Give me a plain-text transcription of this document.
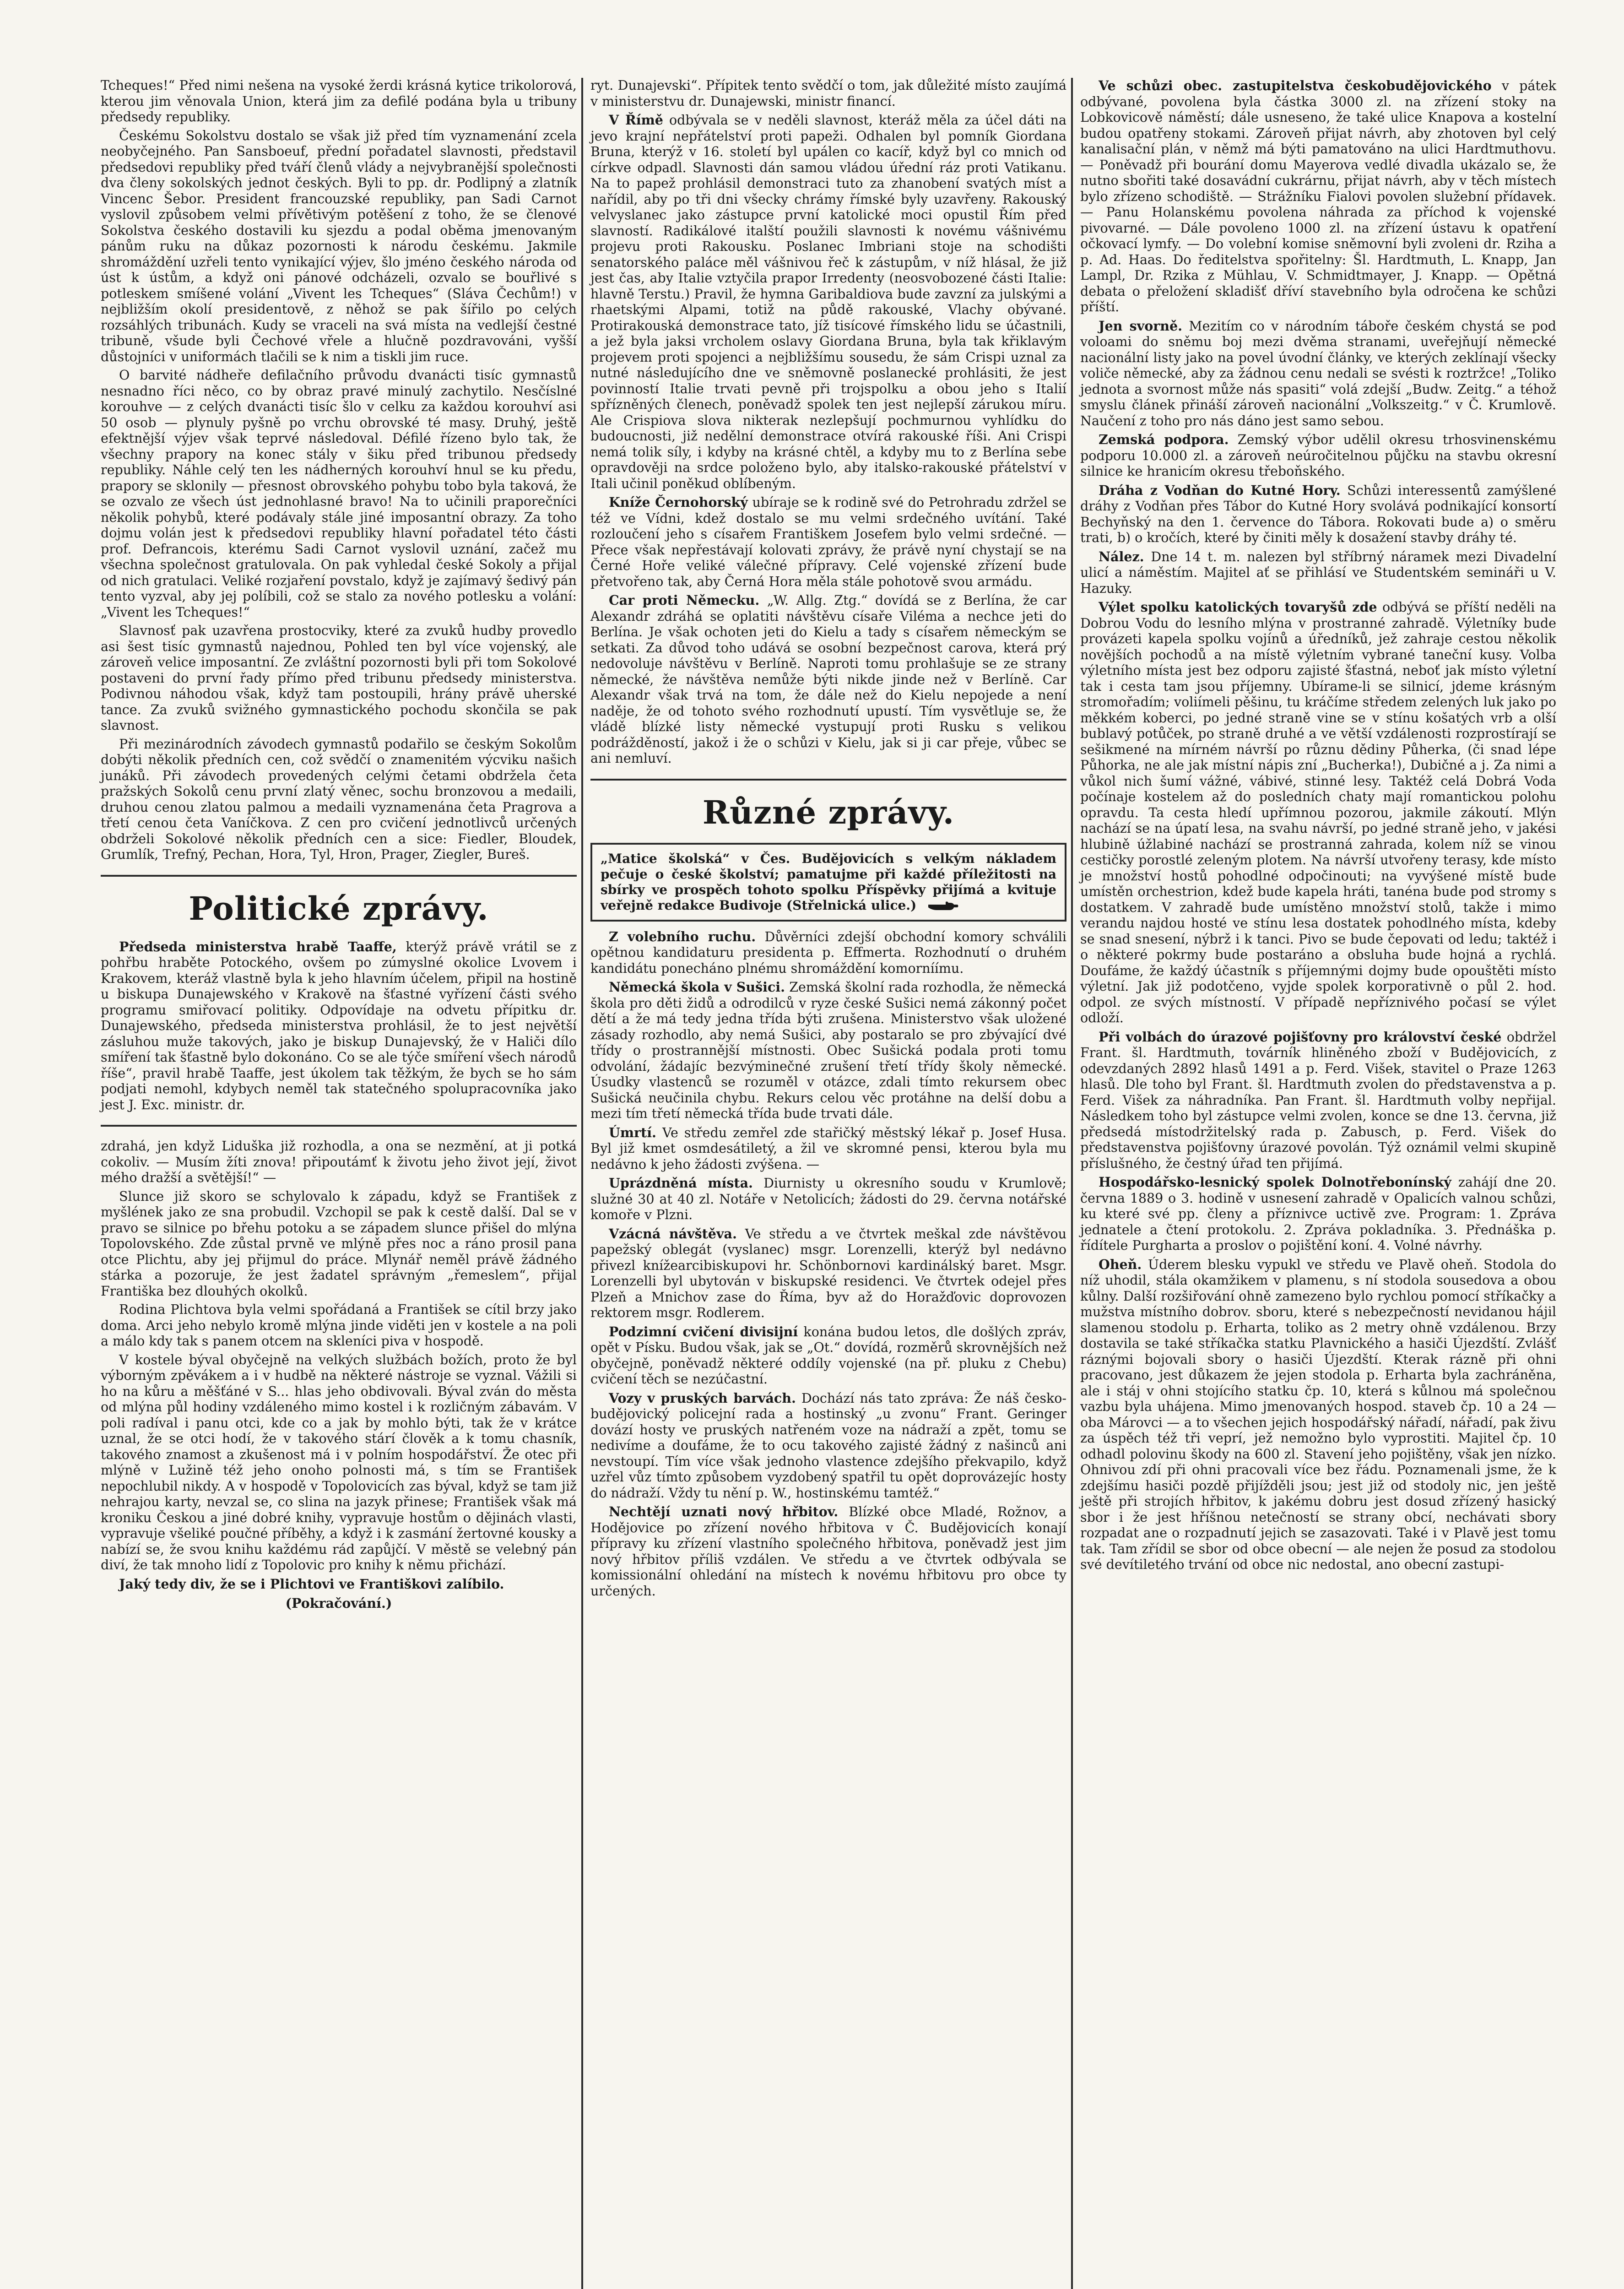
Tcheques!“ Před nimi nešena na vysoké žerdi krásná kytice trikolorová, kterou jim věnovala Union, která jim za defilé podána byla u tribuny předsedy republiky.

Českému Sokolstvu dostalo se však již před tím vyznamenání zcela neobyčejného. Pan Sansboeuf, přední pořadatel slavnosti, představil předsedovi republiky před tváří členů vlády a nejvybranější společnosti dva členy sokolských jednot českých. Byli to pp. dr. Podlipný a zlatník Vincenc Šebor. President francouzské republiky, pan Sadi Carnot vyslovil způsobem velmi přívětivým potěšení z toho, že se členové Sokolstva českého dostavili ku sjezdu a podal oběma jmenovaným pánům ruku na důkaz pozornosti k národu českému. Jakmile shromáždění uzřeli tento vynikající výjev, šlo jméno českého národa od úst k ústům, a když oni pánové odcházeli, ozvalo se bouřlivé s potleskem smíšené volání „Vivent les Tcheques“ (Sláva Čechům!) v nejbližším okolí presidentově, z něhož se pak šířilo po celých rozsáhlých tribunách. Kudy se vraceli na svá místa na vedlejší čestné tribuně, všude byli Čechové vřele a hlučně pozdravováni, vyšší důstojníci v uniformách tlačili se k nim a tiskli jim ruce.

O barvité nádheře defilačního průvodu dvanácti tisíc gymnastů nesnadno říci něco, co by obraz pravé minulý zachytilo. Nesčíslné korouhve — z celých dvanácti tisíc šlo v celku za každou korouhví asi 50 osob — plynuly pyšně po vrchu obrovské té masy. Druhý, ještě efektnější výjev však teprvé následoval. Défilé řízeno bylo tak, že všechny prapory na konec stály v šiku před tribunou předsedy republiky. Náhle celý ten les nádherných korouhví hnul se ku předu, prapory se sklonily — přesnost obrovského pohybu tobo byla taková, že se ozvalo ze všech úst jednohlasné bravo! Na to učinili praporečníci několik pohybů, které podávaly stále jiné imposantní obrazy. Za toho dojmu volán jest k předsedovi republiky hlavní pořadatel této části prof. Defrancois, kterému Sadi Carnot vyslovil uznání, začež mu všechna společnost gratulovala. On pak vyhledal české Sokoly a přijal od nich gratulaci. Veliké rozjaření povstalo, když je zajímavý šedivý pán tento vyzval, aby jej políbili, což se stalo za nového potlesku a volání: „Vivent les Tcheques!“

Slavnosť pak uzavřena prostocviky, které za zvuků hudby provedlo asi šest tisíc gymnastů najednou, Pohled ten byl více vojenský, ale zároveň velice imposantní. Ze zvláštní pozornosti byli při tom Sokolové postaveni do první řady přímo před tribunu předsedy ministerstva. Podivnou náhodou však, když tam postoupili, hrány právě uherské tance. Za zvuků svižného gymnastického pochodu skončila se pak slavnost.

Při mezinárodních závodech gymnastů podařilo se českým Sokolům dobýti několik předních cen, což svědčí o znamenitém výcviku našich junáků. Při závodech provedených celými četami obdržela četa pražských Sokolů cenu první zlatý věnec, sochu bronzovou a medaili, druhou cenou zlatou palmou a medaili vyznamenána četa Pragrova a třetí cenou četa Vaníčkova. Z cen pro cvičení jednotlivců určených obdrželi Sokolové několik předních cen a sice: Fiedler, Bloudek, Grumlík, Trefný, Pechan, Hora, Tyl, Hron, Prager, Ziegler, Bureš.

Politické zprávy.

Předseda ministerstva hrabě Taaffe, kterýž právě vrátil se z pohřbu hraběte Potockého, ovšem po zúmyslné okolice Lvovem i Krakovem, kteráž vlastně byla k jeho hlavním účelem, připil na hostině u biskupa Dunajewského v Krakově na šťastné vyřízení části svého programu smiřovací politiky. Odpovídaje na odvetu přípitku dr. Dunajewského, předseda ministerstva prohlásil, že to jest největší zásluhou muže takových, jako je biskup Dunajevský, že v Haliči dílo smíření tak šťastně bylo dokonáno. Co se ale týče smíření všech národů říše“, pravil hrabě Taaffe, jest úkolem tak těžkým, že bych se ho sám podjati nemohl, kdybych neměl tak statečného spolupracovníka jako jest J. Exc. ministr. dr.

zdrahá, jen když Liduška již rozhodla, a ona se nezmění, at ji potká cokoliv. — Musím žíti znova! připoutámť k životu jeho život její, život mého dražší a světější!“ —

Slunce již skoro se schylovalo k západu, když se František z myšlének jako ze sna probudil. Vzchopil se pak k cestě další. Dal se v pravo se silnice po břehu potoku a se západem slunce přišel do mlýna Topolovského. Zde zůstal prvně ve mlýně přes noc a ráno prosil pana otce Plichtu, aby jej přijmul do práce. Mlynář neměl právě žádného stárka a pozoruje, že jest žadatel správným „řemeslem“, přijal Františka bez dlouhých okolků.

Rodina Plichtova byla velmi spořádaná a František se cítil brzy jako doma. Arci jeho nebylo kromě mlýna jinde viděti jen v kostele a na poli a málo kdy tak s panem otcem na skleníci piva v hospodě.

V kostele býval obyčejně na velkých službách božích, proto že byl výborným zpěvákem a i v hudbě na některé nástroje se vyznal. Vážili si ho na kůru a měšťáné v S... hlas jeho obdivovali. Býval zván do města od mlýna půl hodiny vzdáleného mimo kostel i k rozličným zábavám. V poli radíval i panu otci, kde co a jak by mohlo býti, tak že v krátce uznal, že se otci hodí, že v takového stárí člověk a k tomu chasník, takového znamost a zkušenost má i v polním hospodářství. Že otec při mlýně v Lužině též jeho onoho polnosti má, s tím se František nepochlubil nikdy. A v hospodě v Topolovicích zas býval, když se tam již nehrajou karty, nevzal se, co slina na jazyk přinese; František však má kroniku Českou a jiné dobré knihy, vypravuje hostům o dějinách vlasti, vypravuje všeliké poučné příběhy, a když i k zasmání žertovné kousky a nabízí se, že svou knihu každému rád zapůjčí. V městě se velebný pán diví, že tak mnoho lidí z Topolovic pro knihy k němu přichází.

Jaký tedy div, že se i Plichtovi ve Františkovi zalíbilo.

(Pokračování.)

ryt. Dunajevski“. Přípitek tento svědčí o tom, jak důležité místo zaujímá v ministerstvu dr. Dunajewski, ministr financí.

V Římě odbývala se v neděli slavnost, kteráž měla za účel dáti na jevo krajní nepřátelství proti papeži. Odhalen byl pomník Giordana Bruna, kterýž v 16. století byl upálen co kacíř, když byl co mnich od církve odpadl. Slavnosti dán samou vládou úřední ráz proti Vatikanu. Na to papež prohlásil demonstraci tuto za zhanobení svatých míst a nařídil, aby po tři dni všecky chrámy římské byly uzavřeny. Rakouský velvyslanec jako zástupce první katolické moci opustil Řím před slavností. Radikálové italští použili slavnosti k novému vášnivému projevu proti Rakousku. Poslanec Imbriani stoje na schodišti senatorského paláce měl vášnivou řeč k zástupům, v níž hlásal, že již jest čas, aby Italie vztyčila prapor Irredenty (neosvobozené části Italie: hlavně Terstu.) Pravil, že hymna Garibaldiova bude zavzní za julskými a rhaetskými Alpami, totiž na půdě rakouské, Vlachy obývané. Protirakouská demonstrace tato, jíž tisícové římského lidu se účastnili, a jež byla jaksi vrcholem oslavy Giordana Bruna, byla tak křiklavým projevem proti spojenci a nejbližšímu sousedu, že sám Crispi uznal za nutné následujícího dne ve sněmovně poslanecké prohlásiti, že jest povinností Italie trvati pevně při trojspolku a obou jeho s Italií spřízněných členech, poněvadž spolek ten jest nejlepší zárukou míru. Ale Crispiova slova nikterak nezlepšují pochmurnou vyhlídku do budoucnosti, již nedělní demonstrace otvírá rakouské říši. Ani Crispi nemá tolik síly, i kdyby na krásné chtěl, a kdyby mu to z Berlína sebe opravdověji na srdce položeno bylo, aby italsko-rakouské přátelství v Itali učinil poněkud oblíbeným.

Kníže Černohorský ubíraje se k rodině své do Petrohradu zdržel se též ve Vídni, kdež dostalo se mu velmi srdečného uvítání. Také rozloučení jeho s císařem Františkem Josefem bylo velmi srdečné. — Přece však nepřestávají kolovati zprávy, že právě nyní chystají se na Černé Hoře veliké válečné přípravy. Celé vojenské zřízení bude přetvořeno tak, aby Černá Hora měla stále pohotově svou armádu.

Car proti Německu. „W. Allg. Ztg.“ dovídá se z Berlína, že car Alexandr zdráhá se oplatiti návštěvu císaře Viléma a nechce jeti do Berlína. Je však ochoten jeti do Kielu a tady s císařem německým se setkati. Za důvod toho udává se osobní bezpečnost carova, která prý nedovoluje návštěvu v Berlíně. Naproti tomu prohlašuje se ze strany německé, že návštěva nemůže býti nikde jinde než v Berlíně. Car Alexandr však trvá na tom, že dále než do Kielu nepojede a není naděje, že od tohoto svého rozhodnutí upustí. Tím vysvětluje se, že vládě blízké listy německé vystupují proti Rusku s velikou podrážděností, jakož i že o schůzi v Kielu, jak si ji car přeje, vůbec se ani nemluví.

Různé zprávy.
„Matice školská“ v Čes. Budějovicích s velkým nákladem pečuje o české školství; pamatujme při každé příležitosti na sbírky ve prospěch tohoto spolku Příspěvky přijímá a kvituje veřejně redakce Budivoje (Střelnická ulice.)

Z volebního ruchu. Důvěrníci zdejší obchodní komory schválili opětnou kandidaturu presidenta p. Effmerta. Rozhodnutí o druhém kandidátu ponecháno plnému shromáždění komorníímu.

Německá škola v Sušici. Zemská školní rada rozhodla, že německá škola pro děti židů a odrodilců v ryze české Sušici nemá zákonný počet dětí a že má tedy jedna třída býti zrušena. Ministerstvo však uložené zásady rozhodlo, aby nemá Sušici, aby postaralo se pro zbývající dvé třídy o prostrannější místnosti. Obec Sušická podala proti tomu odvolání, žádajíc bezvýminečné zrušení třetí třídy školy německé. Úsudky vlastenců se rozuměl v otázce, zdali tímto rekursem obec Sušická neučinila chybu. Rekurs celou věc protáhne na delší dobu a mezi tím třetí německá třída bude trvati dále.

Úmrtí. Ve středu zemřel zde stařičký městský lékař p. Josef Husa. Byl již kmet osmdesátiletý, a žil ve skromné pensi, kterou byla mu nedávno k jeho žádosti zvýšena. —

Uprázdněná místa. Diurnisty u okresního soudu v Krumlově; služné 30 at 40 zl. Notáře v Netolicích; žádosti do 29. června notářské komoře v Plzni.

Vzácná návštěva. Ve středu a ve čtvrtek meškal zde návštěvou papežský oblegát (vyslanec) msgr. Lorenzelli, kterýž byl nedávno přivezl knížearcibiskupovi hr. Schönbornovi kardinálský baret. Msgr. Lorenzelli byl ubytován v biskupské residenci. Ve čtvrtek odejel přes Plzeň a Mnichov zase do Říma, byv až do Horažďovic doprovozen rektorem msgr. Rodlerem.

Podzimní cvičení divisijní konána budou letos, dle došlých zpráv, opět v Písku. Budou však, jak se „Ot.“ dovídá, rozměrů skrovnějších než obyčejně, poněvadž některé oddíly vojenské (na př. pluku z Chebu) cvičení těch se nezúčastní.

Vozy v pruských barvách. Dochází nás tato zpráva: Že náš česko-budějovický policejní rada a hostinský „u zvonu“ Frant. Geringer dovází hosty ve pruských natřeném voze na nádraží a zpět, tomu se nedivíme a doufáme, že to ocu takového zajisté žádný z našinců ani nevstoupí. Tím více však jednoho vlastence zdejšího překvapilo, když uzřel vůz tímto způsobem vyzdobený spatřil tu opět doprovázejíc hosty do nádraží. Vždy tu nění p. W., hostinskému tamtéž.“

Nechtějí uznati nový hřbitov. Blízké obce Mladé, Rožnov, a Hodějovice po zřízení nového hřbitova v Č. Budějovicích konají přípravy ku zřízení vlastního společného hřbitova, poněvadž jest jim nový hřbitov příliš vzdálen. Ve středu a ve čtvrtek odbývala se komissionální ohledání na místech k novému hřbitovu pro obce ty určených.

Ve schůzi obec. zastupitelstva českobudějovického v pátek odbývané, povolena byla částka 3000 zl. na zřízení stoky na Lobkovicově náměstí; dále usneseno, že také ulice Knapova a kostelní budou opatřeny stokami. Zároveň přijat návrh, aby zhotoven byl celý kanalisační plán, v němž má býti pamatováno na ulici Hardtmuthovu. — Poněvadž při bourání domu Mayerova vedlé divadla ukázalo se, že nutno sbořiti také dosavádní cukrárnu, přijat návrh, aby v těch místech bylo zřízeno schodiště. — Strážníku Fialovi povolen služební přídavek. — Panu Holanskému povolena náhrada za příchod k vojenské pivovarné. — Dále povoleno 1000 zl. na zřízení ústavu k opatření očkovací lymfy. — Do volební komise sněmovní byli zvoleni dr. Rziha a p. Ad. Haas. Do ředitelstva spořitelny: Šl. Hardtmuth, L. Knapp, Jan Lampl, Dr. Rzika z Mühlau, V. Schmidtmayer, J. Knapp. — Opětná debata o přeložení skladišť dříví stavebního byla odročena ke schůzi příští.

Jen svorně. Mezitím co v národním táboře českém chystá se pod voloami do sněmu boj mezi dvěma stranami, uveřejňují německé nacionální listy jako na povel úvodní články, ve kterých zeklínají všecky voliče německé, aby za žádnou cenu nedali se svésti k roztržce! „Toliko jednota a svornost může nás spasiti“ volá zdejší „Budw. Zeitg.“ a téhož smyslu článek přináší zároveň nacionální „Volkszeitg.“ v Č. Krumlově. Naučení z toho pro nás dáno jest samo sebou.

Zemská podpora. Zemský výbor udělil okresu trhosvinenskému podporu 10.000 zl. a zároveň neúročitelnou půjčku na stavbu okresní silnice ke hranicím okresu třeboňského.

Dráha z Vodňan do Kutné Hory. Schůzi interessentů zamýšlené dráhy z Vodňan přes Tábor do Kutné Hory svolává podnikající konsortí Bechyňský na den 1. července do Tábora. Rokovati bude a) o směru trati, b) o kročích, které by činiti měly k dosažení stavby dráhy té.

Nález. Dne 14 t. m. nalezen byl stříbrný náramek mezi Divadelní ulicí a náměstím. Majitel ať se přihlásí ve Studentském semináři u V. Hazuky.

Výlet spolku katolických tovaryšů zde odbývá se příští neděli na Dobrou Vodu do lesního mlýna v prostranné zahradě. Výletníky bude provázeti kapela spolku vojínů a úředníků, jež zahraje cestou několik novějších pochodů a na místě výletním vybrané taneční kusy. Volba výletního místa jest bez odporu zajisté šťastná, neboť jak místo výletní tak i cesta tam jsou příjemny. Ubírame-li se silnicí, jdeme krásným stromořadím; voliímeli pěšinu, tu kráčíme středem zelených luk jako po měkkém koberci, po jedné straně vine se v stínu košatých vrb a olší bublavý potůček, po straně druhé a ve větší vzdálenosti rozprostírají se sešikmené na mírném návrší po různu dědiny Půherka, (či snad lépe Půhorka, ne ale jak místní nápis zní „Bucherka!), Dubičné a j. Za nimi a vůkol nich šumí vážné, vábivé, stinné lesy. Taktéž celá Dobrá Voda počínaje kostelem až do posledních chaty mají romantickou polohu opravdu. Ta cesta hledí upřímnou pozorou, jakmile zákoutí. Mlýn nachází se na úpatí lesa, na svahu návrší, po jedné straně jeho, v jakési hlubině úžlabiné nachází se prostranná zahrada, kolem níž se vinou cestičky porostlé zeleným plotem. Na návrší utvořeny terasy, kde místo je množství hostů pohodlné odpočinouti; na vyvýšené místě bude umístěn orchestrion, kdež bude kapela hráti, tanéna bude pod stromy s dostatkem. V zahradě bude umístěno množství stolů, takže i mimo verandu najdou hosté ve stínu lesa dostatek pohodlného místa, kdeby se snad snesení, nýbrž i k tanci. Pivo se bude čepovati od ledu; taktéž i o některé pokrmy bude postaráno a obsluha bude hojná a rychlá. Doufáme, že každý účastník s příjemnými dojmy bude opouštěti místo výletní. Jak již podotčeno, vyjde spolek korporativně o půl 2. hod. odpol. ze svých místností. V případě nepříznivého počasí se výlet odloží.

Při volbách do úrazové pojišťovny pro království české obdržel Frant. šl. Hardtmuth, továrník hliněného zboží v Budějovicích, z odevzdaných 2892 hlasů 1491 a p. Ferd. Višek, stavitel o Praze 1263 hlasů. Dle toho byl Frant. šl. Hardtmuth zvolen do představenstva a p. Ferd. Višek za náhradníka. Pan Frant. šl. Hardtmuth volby nepřijal. Následkem toho byl zástupce velmi zvolen, konce se dne 13. června, již předsedá místodržitelský rada p. Zabusch, p. Ferd. Višek do představenstva pojišťovny úrazové povolán. Týž oznámil velmi skupině příslušného, že čestný úřad ten přijímá.

Hospodářsko-lesnický spolek Dolnotřebonínský zahájí dne 20. června 1889 o 3. hodině v usnesení zahradě v Opalicích valnou schůzi, ku které své pp. členy a příznivce uctivě zve. Program: 1. Zpráva jednatele a čtení protokolu. 2. Zpráva pokladníka. 3. Přednáška p. řídítele Purgharta a proslov o pojištění koní. 4. Volné návrhy.

Oheň. Úderem blesku vypukl ve středu ve Plavě oheň. Stodola do níž uhodil, stála okamžikem v plamenu, s ní stodola sousedova a obou kůlny. Další rozšiřování ohně zamezeno bylo rychlou pomocí stříkačky a mužstva místního dobrov. sboru, které s nebezpečností nevidanou hájil slamenou stodolu p. Erharta, toliko as 2 metry ohně vzdálenou. Brzy dostavila se také stříkačka statku Plavnického a hasiči Újezdští. Zvlášť ráznými bojovali sbory o hasiči Újezdští. Kterak rázně při ohni pracovano, jest důkazem že jejen stodola p. Erharta byla zachráněna, ale i stáj v ohni stojícího statku čp. 10, která s kůlnou má společnou vazbu byla uhájena. Mimo jmenovaných hospod. staveb čp. 10 a 24 — oba Márovci — a to všechen jejich hospodářský nářadí, nářadí, pak živu za úspěch též tři veprí, jež nemožno bylo vyprostiti. Majitel čp. 10 odhadl polovinu škody na 600 zl. Stavení jeho pojištěny, však jen nízko. Ohnivou zdí při ohni pracovali více bez řádu. Poznamenali jsme, že k zdejšímu hasiči pozdě přijížděli jsou; jest již od stodoly nic, jen ještě ještě při strojích hřbitov, k jakému dobru jest dosud zřízený hasický sbor i že jest hříšnou netečností se strany obcí, nechávati sbory rozpadat ane o rozpadnutí jejich se zasazovati. Také i v Plavě jest tomu tak. Tam zřídil se sbor od obce obecní — ale nejen že posud za stodolou své devítiletého trvání od obce nic nedostal, ano obecní zastupi-
